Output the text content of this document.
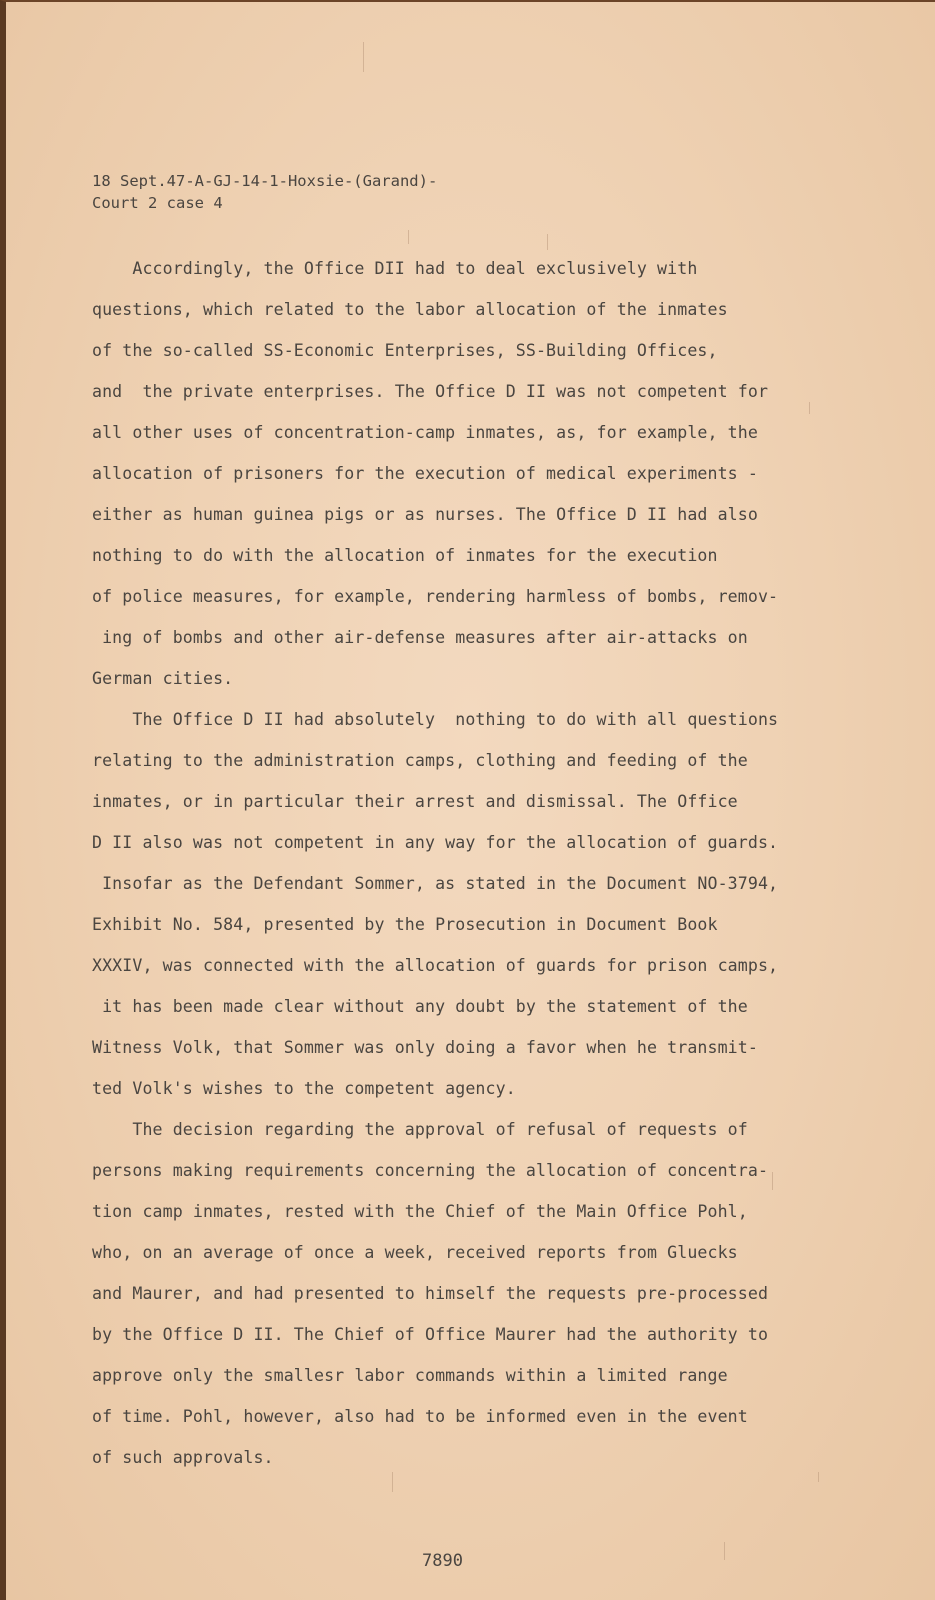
18 Sept.47-A-GJ-14-1-Hoxsie-(Garand)-
Court 2 case 4
Accordingly, the Office DII had to deal exclusively with
questions, which related to the labor allocation of the inmates
of the so-called SS-Economic Enterprises, SS-Building Offices,
and  the private enterprises. The Office D II was not competent for
all other uses of concentration-camp inmates, as, for example, the
allocation of prisoners for the execution of medical experiments -
either as human guinea pigs or as nurses. The Office D II had also
nothing to do with the allocation of inmates for the execution
of police measures, for example, rendering harmless of bombs, remov-
ing of bombs and other air-defense measures after air-attacks on
German cities.
The Office D II had absolutely  nothing to do with all questions
relating to the administration camps, clothing and feeding of the
inmates, or in particular their arrest and dismissal. The Office
D II also was not competent in any way for the allocation of guards.
Insofar as the Defendant Sommer, as stated in the Document NO-3794,
Exhibit No. 584, presented by the Prosecution in Document Book
XXXIV, was connected with the allocation of guards for prison camps,
it has been made clear without any doubt by the statement of the
Witness Volk, that Sommer was only doing a favor when he transmit-
ted Volk's wishes to the competent agency.
The decision regarding the approval of refusal of requests of
persons making requirements concerning the allocation of concentra-
tion camp inmates, rested with the Chief of the Main Office Pohl,
who, on an average of once a week, received reports from Gluecks
and Maurer, and had presented to himself the requests pre-processed
by the Office D II. The Chief of Office Maurer had the authority to
approve only the smallesr labor commands within a limited range
of time. Pohl, however, also had to be informed even in the event
of such approvals.
7890
